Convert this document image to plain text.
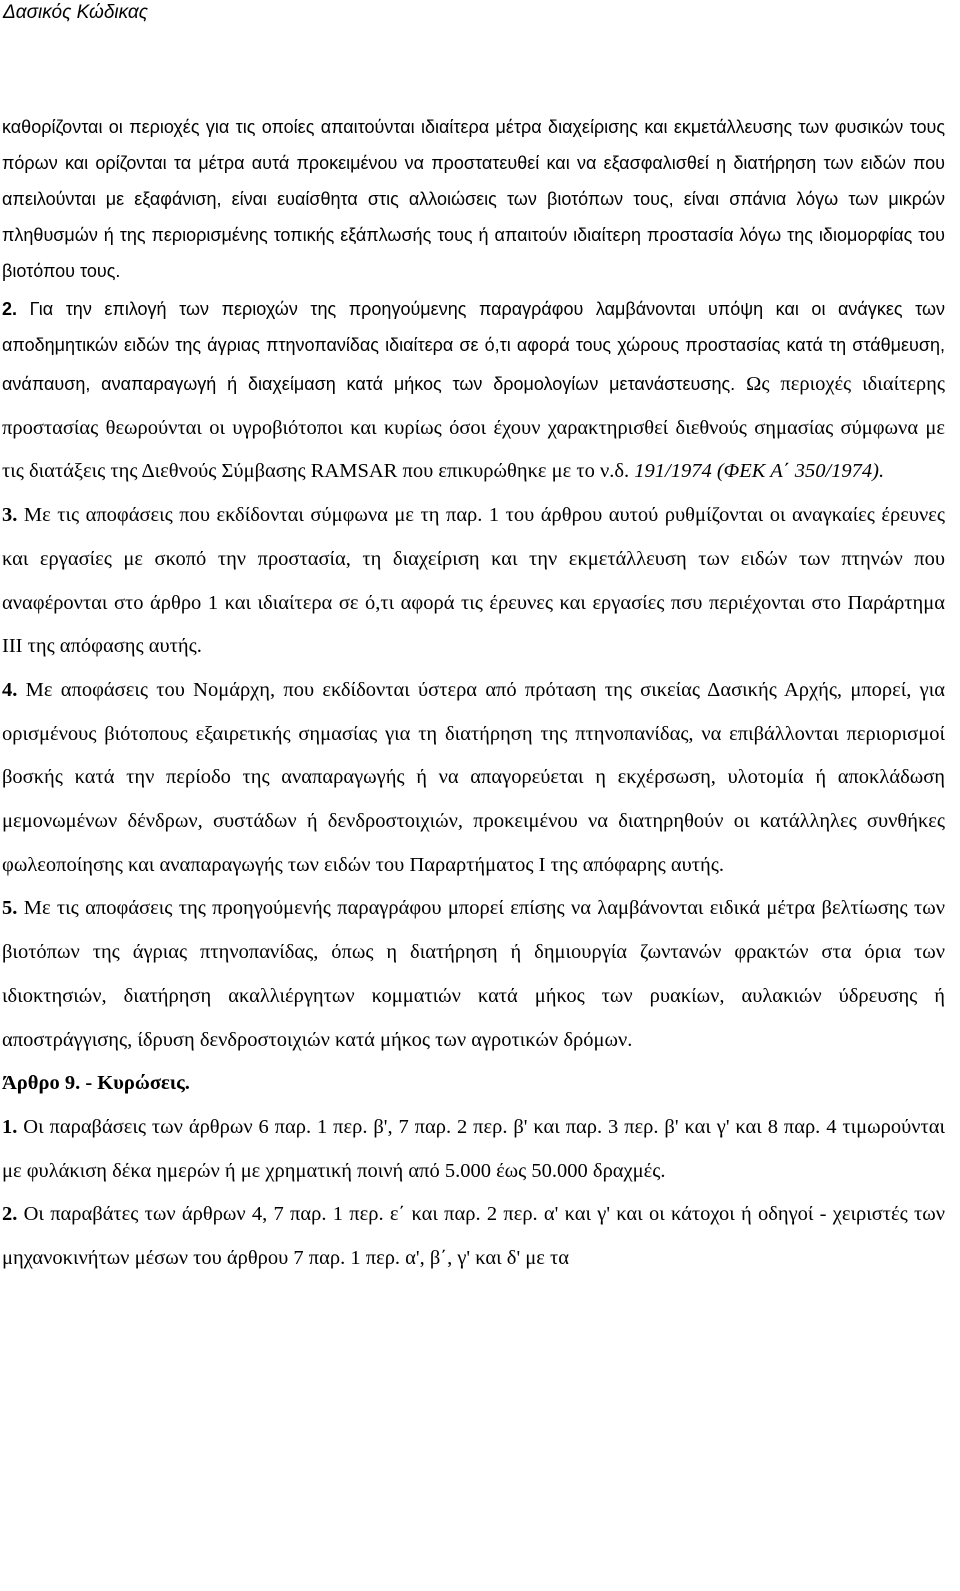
Δασικός Κώδικας

καθορίζονται οι περιοχές για τις οποίες απαιτούνται ιδιαίτερα μέτρα διαχείρισης και εκμετάλλευσης των φυσικών τους πόρων και ορίζονται τα μέτρα αυτά προκειμένου να προστατευθεί και να εξασφαλισθεί η διατήρηση των ειδών που απειλούνται με εξαφάνιση, είναι ευαίσθητα στις αλλοιώσεις των βιοτόπων τους, είναι σπάνια λόγω των μικρών πληθυσμών ή της περιορισμένης τοπικής εξάπλωσής τους ή απαιτούν ιδιαίτερη προστασία λόγω της ιδιομορφίας του βιοτόπου τους.

2. Για την επιλογή των περιοχών της προηγούμενης παραγράφου λαμβάνονται υπόψη και οι ανάγκες των αποδημητικών ειδών της άγριας πτηνοπανίδας ιδιαίτερα σε ό,τι αφορά τους χώρους προστασίας κατά τη στάθμευση, ανάπαυση, αναπαραγωγή ή διαχείμαση κατά μήκος των δρομολογίων μετανάστευσης. Ως περιοχές ιδιαίτερης προστασίας θεωρούνται οι υγροβιότοποι και κυρίως όσοι έχουν χαρακτηρισθεί διεθνούς σημασίας σύμφωνα με τις διατάξεις της Διεθνούς Σύμβασης RAMSAR που επικυρώθηκε με το ν.δ. 191/1974 (ΦΕΚ Α΄ 350/1974).

3. Με τις αποφάσεις που εκδίδονται σύμφωνα με τη παρ. 1 του άρθρου αυτού ρυθμίζονται οι αναγκαίες έρευνες και εργασίες με σκοπό την προστασία, τη διαχείριση και την εκμετάλλευση των ειδών των πτηνών που αναφέρονται στο άρθρο 1 και ιδιαίτερα σε ό,τι αφορά τις έρευνες και εργασίες πσυ περιέχονται στο Παράρτημα ΙΙΙ της απόφασης αυτής.

4. Με αποφάσεις του Νομάρχη, που εκδίδονται ύστερα από πρόταση της σικείας Δασικής Αρχής, μπορεί, για ορισμένους βιότοπους εξαιρετικής σημασίας για τη διατήρηση της πτηνοπανίδας, να επιβάλλονται περιορισμοί βοσκής κατά την περίοδο της αναπαραγωγής ή να απαγορεύεται η εκχέρσωση, υλοτομία ή αποκλάδωση μεμονωμένων δένδρων, συστάδων ή δενδροστοιχιών, προκειμένου να διατηρηθούν οι κατάλληλες συνθήκες φωλεοποίησης και αναπαραγωγής των ειδών του Παραρτήματος Ι της απόφαρης αυτής.

5. Με τις αποφάσεις της προηγούμενής παραγράφου μπορεί επίσης να λαμβάνονται ειδικά μέτρα βελτίωσης των βιοτόπων της άγριας πτηνοπανίδας, όπως η διατήρηση ή δημιουργία ζωντανών φρακτών στα όρια των ιδιοκτησιών, διατήρηση ακαλλιέργητων κομματιών κατά μήκος των ρυακίων, αυλακιών ύδρευσης ή αποστράγγισης, ίδρυση δενδροστοιχιών κατά μήκος των αγροτικών δρόμων.

Άρθρο 9. - Κυρώσεις.

1. Οι παραβάσεις των άρθρων 6 παρ. 1 περ. β', 7 παρ. 2 περ. β' και παρ. 3 περ. β' και γ' και 8 παρ. 4 τιμωρούνται με φυλάκιση δέκα ημερών ή με χρηματική ποινή από 5.000 έως 50.000 δραχμές.

2. Οι παραβάτες των άρθρων 4, 7 παρ. 1 περ. ε΄ και παρ. 2 περ. α' και γ' και οι κάτοχοι ή οδηγοί - χειριστές των μηχανοκινήτων μέσων του άρθρου 7 παρ. 1 περ. α', β΄, γ' και δ' με τα
